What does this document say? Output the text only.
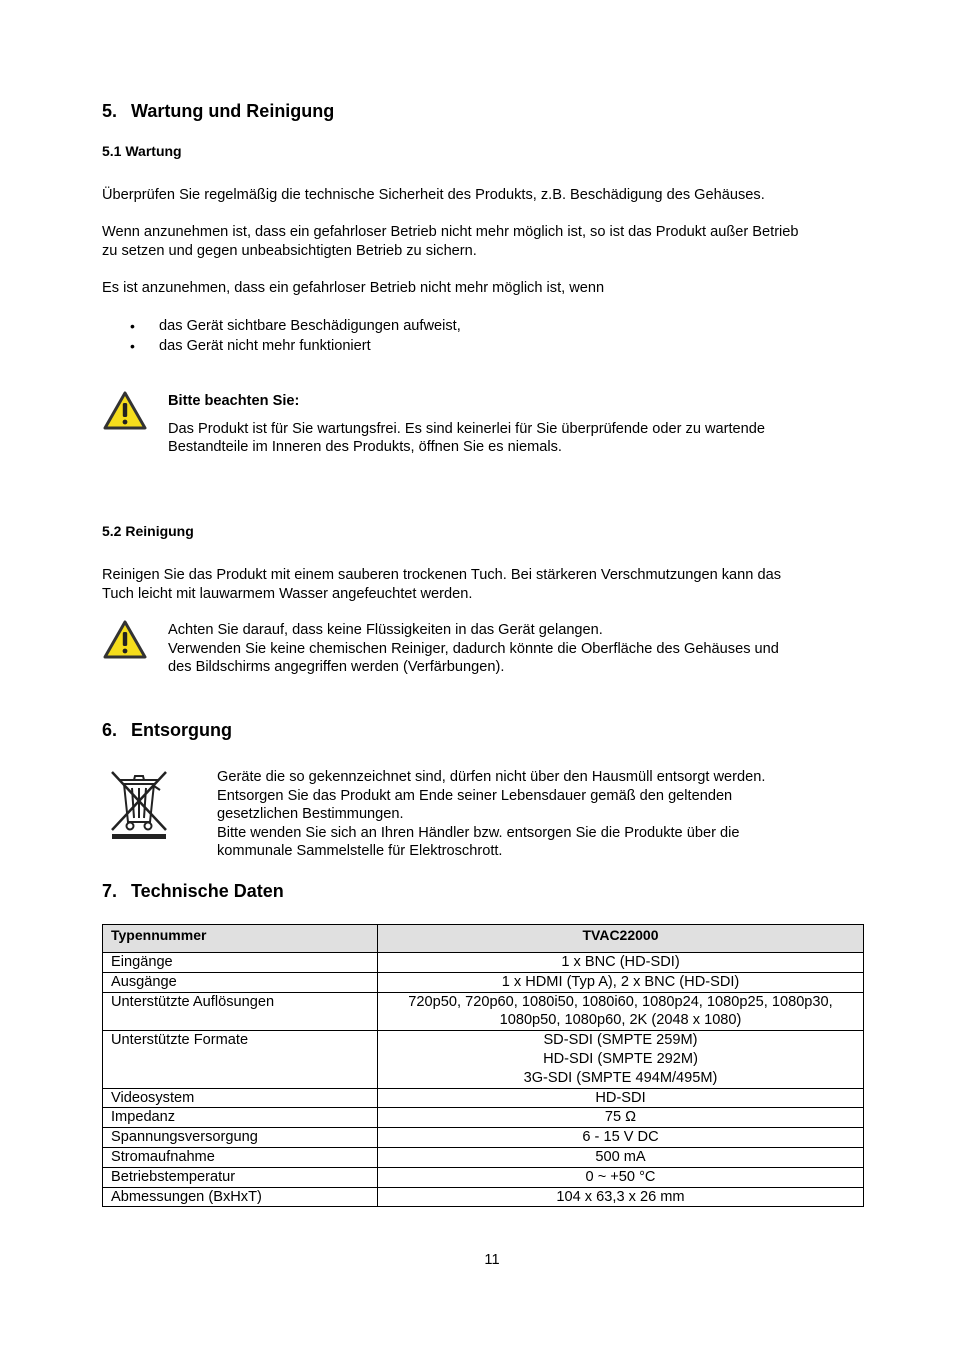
5. Wartung und Reinigung
5.1 Wartung
Überprüfen Sie regelmäßig die technische Sicherheit des Produkts, z.B. Beschädigung des Gehäuses.
Wenn anzunehmen ist, dass ein gefahrloser Betrieb nicht mehr möglich ist, so ist das Produkt außer Betrieb
zu setzen und gegen unbeabsichtigten Betrieb zu sichern.
Es ist anzunehmen, dass ein gefahrloser Betrieb nicht mehr möglich ist, wenn
• das Gerät sichtbare Beschädigungen aufweist,
• das Gerät nicht mehr funktioniert
Bitte beachten Sie:
Das Produkt ist für Sie wartungsfrei. Es sind keinerlei für Sie überprüfende oder zu wartende
Bestandteile im Inneren des Produkts, öffnen Sie es niemals.
5.2 Reinigung
Reinigen Sie das Produkt mit einem sauberen trockenen Tuch. Bei stärkeren Verschmutzungen kann das
Tuch leicht mit lauwarmem Wasser angefeuchtet werden.
Achten Sie darauf, dass keine Flüssigkeiten in das Gerät gelangen.
Verwenden Sie keine chemischen Reiniger, dadurch könnte die Oberfläche des Gehäuses und
des Bildschirms angegriffen werden (Verfärbungen).
6. Entsorgung
Geräte die so gekennzeichnet sind, dürfen nicht über den Hausmüll entsorgt werden.
Entsorgen Sie das Produkt am Ende seiner Lebensdauer gemäß den geltenden
gesetzlichen Bestimmungen.
Bitte wenden Sie sich an Ihren Händler bzw. entsorgen Sie die Produkte über die
kommunale Sammelstelle für Elektroschrott.
7. Technische Daten
Typennummer	TVAC22000
Eingänge	1 x BNC (HD-SDI)

Ausgänge	1 x HDMI (Typ A), 2 x BNC (HD-SDI)

Unterstützte Auflösungen	720p50, 720p60, 1080i50, 1080i60, 1080p24, 1080p25, 1080p30,
1080p50, 1080p60, 2K (2048 x 1080)

Unterstützte Formate	SD-SDI (SMPTE 259M)
HD-SDI (SMPTE 292M)
3G-SDI (SMPTE 494M/495M)

Videosystem	HD-SDI

Impedanz	75 Ω

Spannungsversorgung	6 - 15 V DC

Stromaufnahme	500 mA

Betriebstemperatur	0 ~ +50 °C

Abmessungen (BxHxT)	104 x 63,3 x 26 mm
11
